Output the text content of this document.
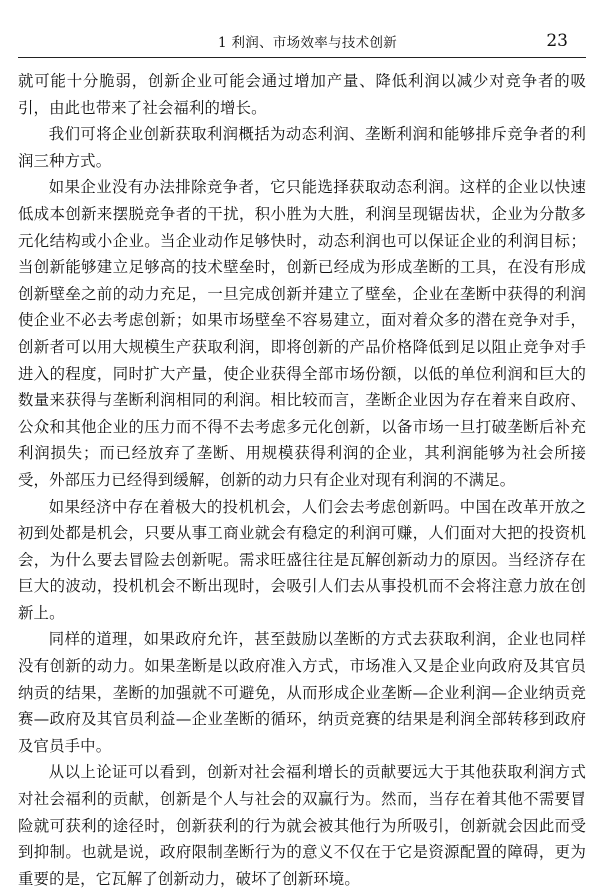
1 利润、市场效率与技术创新	23

就可能十分脆弱，创新企业可能会通过增加产量、降低利润以减少对竞争者的吸引，由此也带来了社会福利的增长。

我们可将企业创新获取利润概括为动态利润、垄断利润和能够排斥竞争者的利润三种方式。

如果企业没有办法排除竞争者，它只能选择获取动态利润。这样的企业以快速低成本创新来摆脱竞争者的干扰，积小胜为大胜，利润呈现锯齿状，企业为分散多元化结构或小企业。当企业动作足够快时，动态利润也可以保证企业的利润目标；当创新能够建立足够高的技术壁垒时，创新已经成为形成垄断的工具，在没有形成创新壁垒之前的动力充足，一旦完成创新并建立了壁垒，企业在垄断中获得的利润使企业不必去考虑创新；如果市场壁垒不容易建立，面对着众多的潜在竞争对手，创新者可以用大规模生产获取利润，即将创新的产品价格降低到足以阻止竞争对手进入的程度，同时扩大产量，使企业获得全部市场份额，以低的单位利润和巨大的数量来获得与垄断利润相同的利润。相比较而言，垄断企业因为存在着来自政府、公众和其他企业的压力而不得不去考虑多元化创新，以备市场一旦打破垄断后补充利润损失；而已经放弃了垄断、用规模获得利润的企业，其利润能够为社会所接受，外部压力已经得到缓解，创新的动力只有企业对现有利润的不满足。

如果经济中存在着极大的投机机会，人们会去考虑创新吗。中国在改革开放之初到处都是机会，只要从事工商业就会有稳定的利润可赚，人们面对大把的投资机会，为什么要去冒险去创新呢。需求旺盛往往是瓦解创新动力的原因。当经济存在巨大的波动，投机机会不断出现时，会吸引人们去从事投机而不会将注意力放在创新上。

同样的道理，如果政府允许，甚至鼓励以垄断的方式去获取利润，企业也同样没有创新的动力。如果垄断是以政府准入方式，市场准入又是企业向政府及其官员纳贡的结果，垄断的加强就不可避免，从而形成企业垄断—企业利润—企业纳贡竞赛—政府及其官员利益—企业垄断的循环，纳贡竞赛的结果是利润全部转移到政府及官员手中。

从以上论证可以看到，创新对社会福利增长的贡献要远大于其他获取利润方式对社会福利的贡献，创新是个人与社会的双赢行为。然而，当存在着其他不需要冒险就可获利的途径时，创新获利的行为就会被其他行为所吸引，创新就会因此而受到抑制。也就是说，政府限制垄断行为的意义不仅在于它是资源配置的障碍，更为重要的是，它瓦解了创新动力，破坏了创新环境。
